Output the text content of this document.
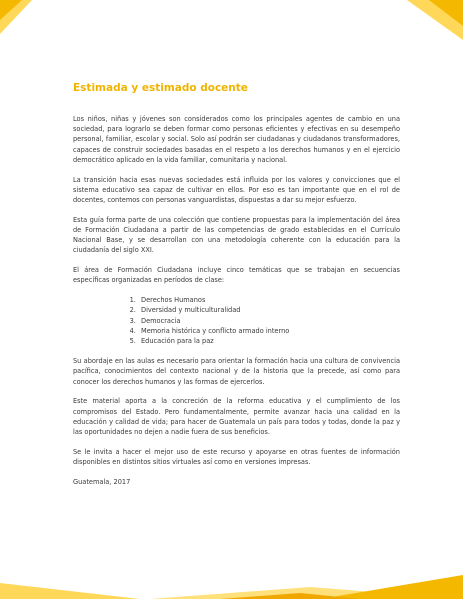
Estimada y estimado docente

Los niños, niñas y jóvenes son considerados como los principales agentes de cambio en una sociedad, para lograrlo se deben formar como personas eficientes y efectivas en su desempeño personal, familiar, escolar y social. Solo así podrán ser ciudadanas y ciudadanos transformadores, capaces de construir sociedades basadas en el respeto a los derechos humanos y en el ejercicio democrático aplicado en la vida familiar, comunitaria y nacional.

La transición hacia esas nuevas sociedades está influida por los valores y convicciones que el sistema educativo sea capaz de cultivar en ellos. Por eso es tan importante que en el rol de docentes, contemos con personas vanguardistas, dispuestas a dar su mejor esfuerzo.

Esta guía forma parte de una colección que contiene propuestas para la implementación del área de Formación Ciudadana a partir de las competencias de grado establecidas en el Currículo Nacional Base, y se desarrollan con una metodología coherente con la educación para la ciudadanía del siglo XXI.

El área de Formación Ciudadana incluye cinco temáticas que se trabajan en secuencias específicas organizadas en períodos de clase:

1. Derechos Humanos
2. Diversidad y multiculturalidad
3. Democracia
4. Memoria histórica y conflicto armado interno
5. Educación para la paz

Su abordaje en las aulas es necesario para orientar la formación hacia una cultura de convivencia pacífica, conocimientos del contexto nacional y de la historia que la precede, así como para conocer los derechos humanos y las formas de ejercerlos.

Este material aporta a la concreción de la reforma educativa y el cumplimiento de los compromisos del Estado. Pero fundamentalmente, permite avanzar hacia una calidad en la educación y calidad de vida; para hacer de Guatemala un país para todos y todas, donde la paz y las oportunidades no dejen a nadie fuera de sus beneficios.

Se le invita a hacer el mejor uso de este recurso y apoyarse en otras fuentes de información disponibles en distintos sitios virtuales así como en versiones impresas.

Guatemala, 2017
